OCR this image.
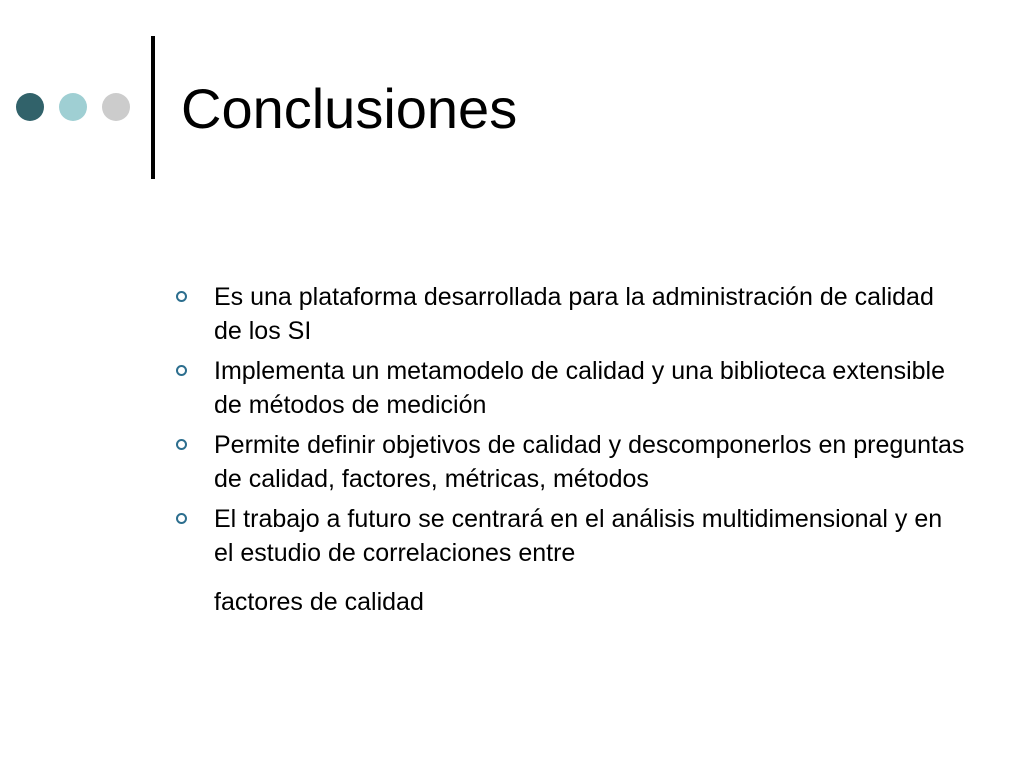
Conclusiones
Es una plataforma desarrollada para la administración de calidad de los SI
Implementa un metamodelo de calidad y una biblioteca extensible de métodos de medición
Permite definir objetivos de calidad y descomponerlos en preguntas de calidad, factores, métricas, métodos
El trabajo a futuro se centrará en el análisis multidimensional y en el estudio de correlaciones entre
factores de calidad
